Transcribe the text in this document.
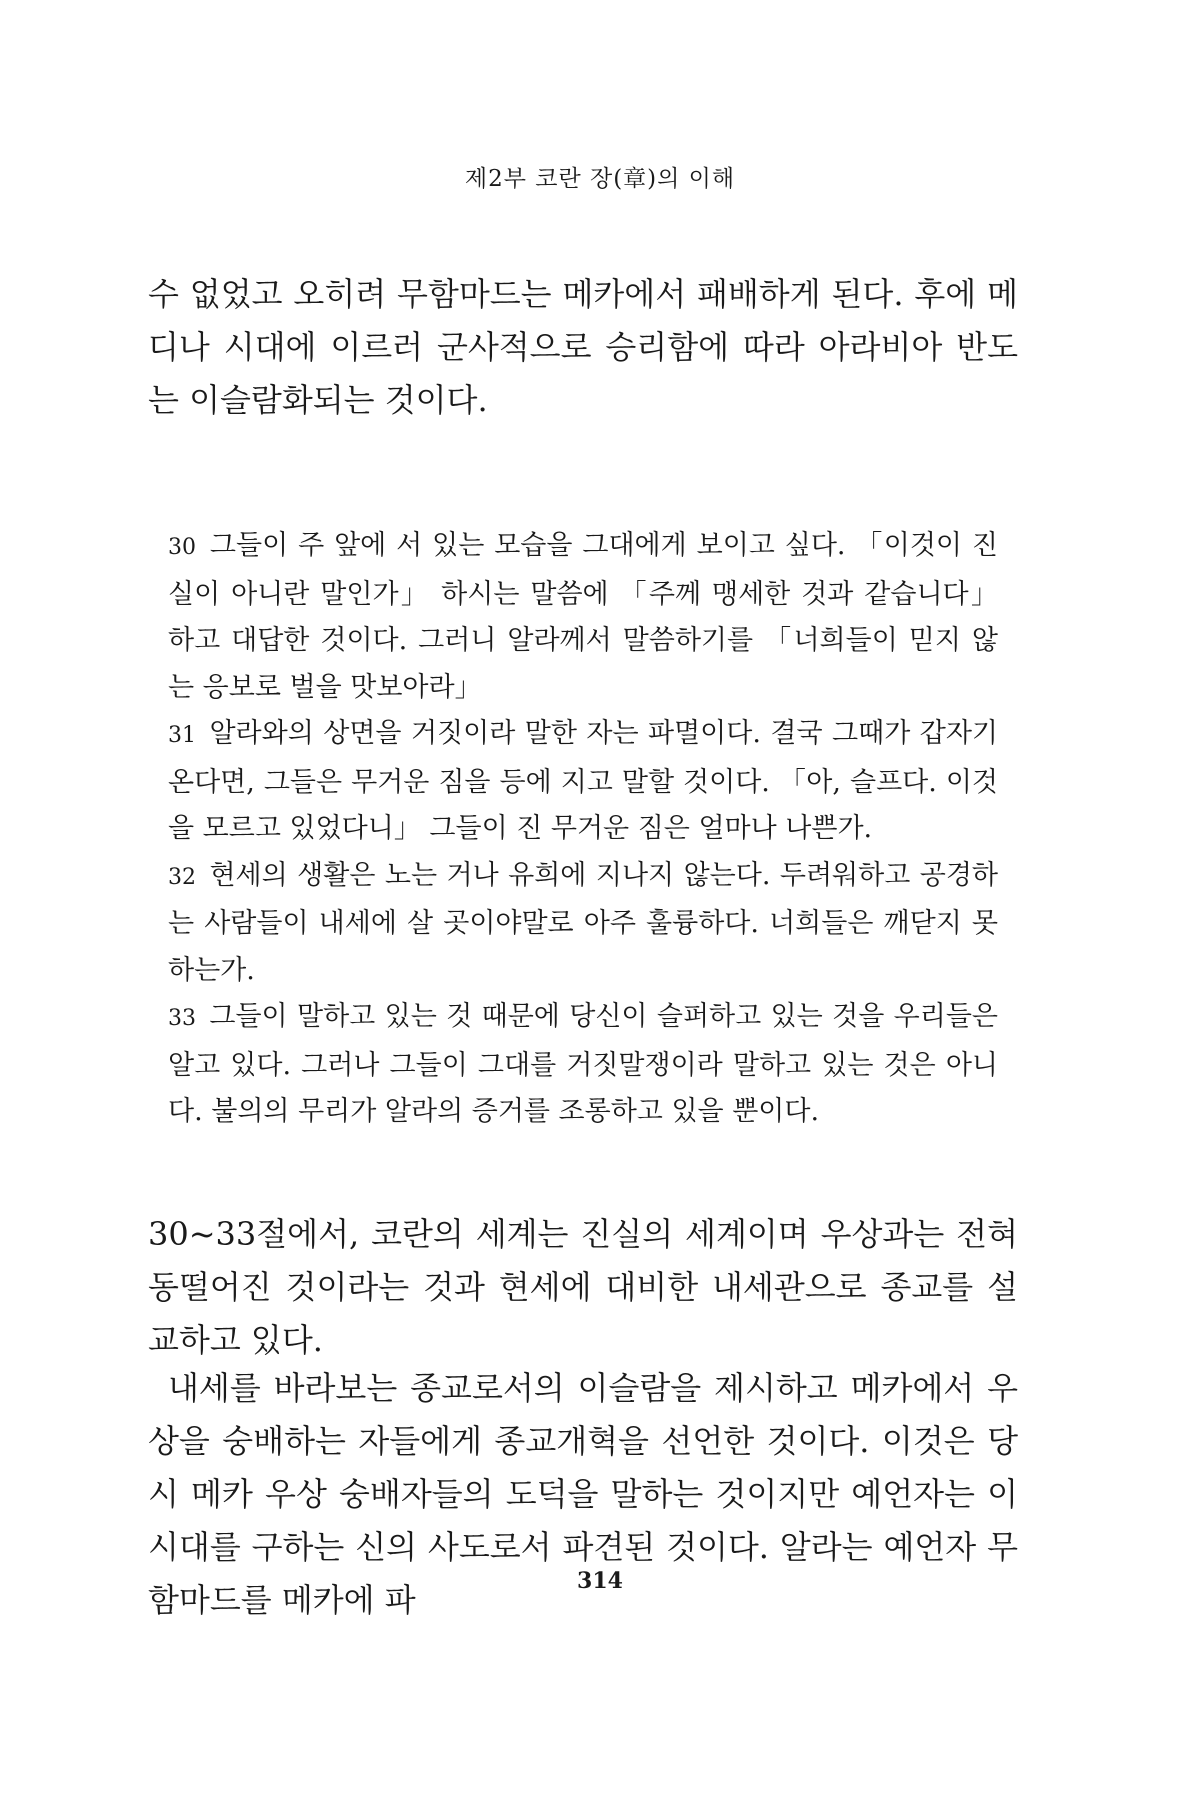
제2부 코란 장(章)의 이해

수 없었고 오히려 무함마드는 메카에서 패배하게 된다. 후에 메디나 시대에 이르러 군사적으로 승리함에 따라 아라비아 반도는 이슬람화되는 것이다.

30 그들이 주 앞에 서 있는 모습을 그대에게 보이고 싶다. 「이것이 진실이 아니란 말인가」 하시는 말씀에 「주께 맹세한 것과 같습니다」 하고 대답한 것이다. 그러니 알라께서 말씀하기를 「너희들이 믿지 않는 응보로 벌을 맛보아라」

31 알라와의 상면을 거짓이라 말한 자는 파멸이다. 결국 그때가 갑자기 온다면, 그들은 무거운 짐을 등에 지고 말할 것이다. 「아, 슬프다. 이것을 모르고 있었다니」 그들이 진 무거운 짐은 얼마나 나쁜가.

32 현세의 생활은 노는 거나 유희에 지나지 않는다. 두려워하고 공경하는 사람들이 내세에 살 곳이야말로 아주 훌륭하다. 너희들은 깨닫지 못하는가.

33 그들이 말하고 있는 것 때문에 당신이 슬퍼하고 있는 것을 우리들은 알고 있다. 그러나 그들이 그대를 거짓말쟁이라 말하고 있는 것은 아니다. 불의의 무리가 알라의 증거를 조롱하고 있을 뿐이다.

30~33절에서, 코란의 세계는 진실의 세계이며 우상과는 전혀 동떨어진 것이라는 것과 현세에 대비한 내세관으로 종교를 설교하고 있다.

내세를 바라보는 종교로서의 이슬람을 제시하고 메카에서 우상을 숭배하는 자들에게 종교개혁을 선언한 것이다. 이것은 당시 메카 우상 숭배자들의 도덕을 말하는 것이지만 예언자는 이 시대를 구하는 신의 사도로서 파견된 것이다. 알라는 예언자 무함마드를 메카에 파	314
